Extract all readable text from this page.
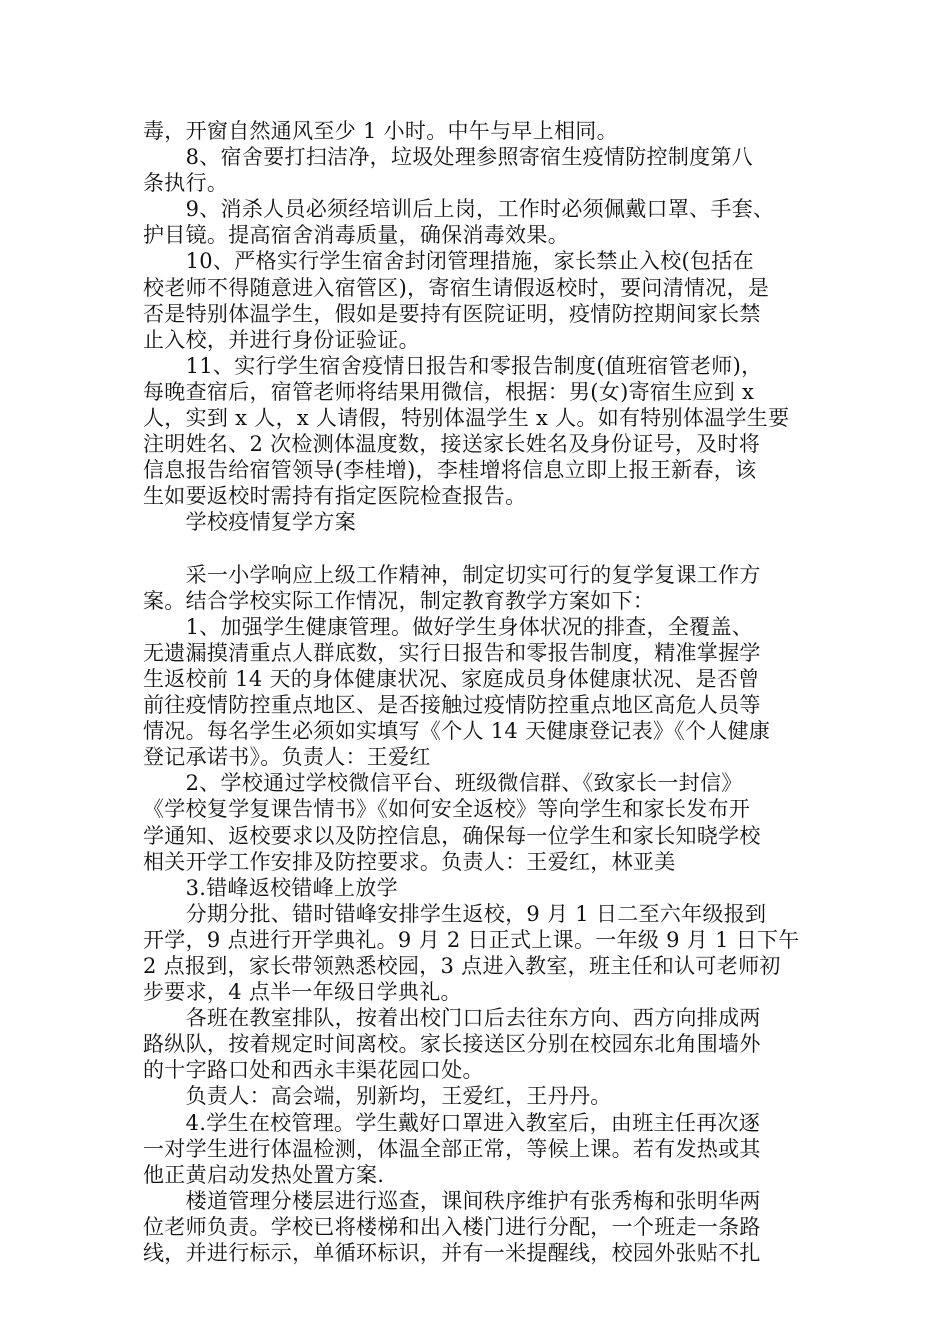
毒，开窗自然通风至少 1 小时。中午与早上相同。
　　8、宿舍要打扫洁净，垃圾处理参照寄宿生疫情防控制度第八
条执行。
　　9、消杀人员必须经培训后上岗，工作时必须佩戴口罩、手套、
护目镜。提高宿舍消毒质量，确保消毒效果。
　　10、严格实行学生宿舍封闭管理措施，家长禁止入校(包括在
校老师不得随意进入宿管区)，寄宿生请假返校时，要问清情况，是
否是特别体温学生，假如是要持有医院证明，疫情防控期间家长禁
止入校，并进行身份证验证。
　　11、实行学生宿舍疫情日报告和零报告制度(值班宿管老师)，
每晚查宿后，宿管老师将结果用微信，根据：男(女)寄宿生应到 x
人，实到 x 人，x 人请假，特别体温学生 x 人。如有特别体温学生要
注明姓名、2 次检测体温度数，接送家长姓名及身份证号，及时将
信息报告给宿管领导(李桂增)，李桂增将信息立即上报王新春，该
生如要返校时需持有指定医院检查报告。
　　学校疫情复学方案
　　采一小学响应上级工作精神，制定切实可行的复学复课工作方
案。结合学校实际工作情况，制定教育教学方案如下：
　　1、加强学生健康管理。做好学生身体状况的排查，全覆盖、
无遗漏摸清重点人群底数，实行日报告和零报告制度，精准掌握学
生返校前 14 天的身体健康状况、家庭成员身体健康状况、是否曾
前往疫情防控重点地区、是否接触过疫情防控重点地区高危人员等
情况。每名学生必须如实填写《个人 14 天健康登记表》《个人健康
登记承诺书》。负责人：王爱红
　　2、学校通过学校微信平台、班级微信群、《致家长一封信》
《学校复学复课告情书》《如何安全返校》等向学生和家长发布开
学通知、返校要求以及防控信息，确保每一位学生和家长知晓学校
相关开学工作安排及防控要求。负责人：王爱红，林亚美
　　3.错峰返校错峰上放学
　　分期分批、错时错峰安排学生返校，9 月 1 日二至六年级报到
开学，9 点进行开学典礼。9 月 2 日正式上课。一年级 9 月 1 日下午
2 点报到，家长带领熟悉校园，3 点进入教室，班主任和认可老师初
步要求，4 点半一年级日学典礼。
　　各班在教室排队，按着出校门口后去往东方向、西方向排成两
路纵队，按着规定时间离校。家长接送区分别在校园东北角围墙外
的十字路口处和西永丰渠花园口处。
　　负责人：高会端，别新均，王爱红，王丹丹。
　　4.学生在校管理。学生戴好口罩进入教室后，由班主任再次逐
一对学生进行体温检测，体温全部正常，等候上课。若有发热或其
他正黄启动发热处置方案.
　　楼道管理分楼层进行巡查，课间秩序维护有张秀梅和张明华两
位老师负责。学校已将楼梯和出入楼门进行分配，一个班走一条路
线，并进行标示，单循环标识，并有一米提醒线，校园外张贴不扎
